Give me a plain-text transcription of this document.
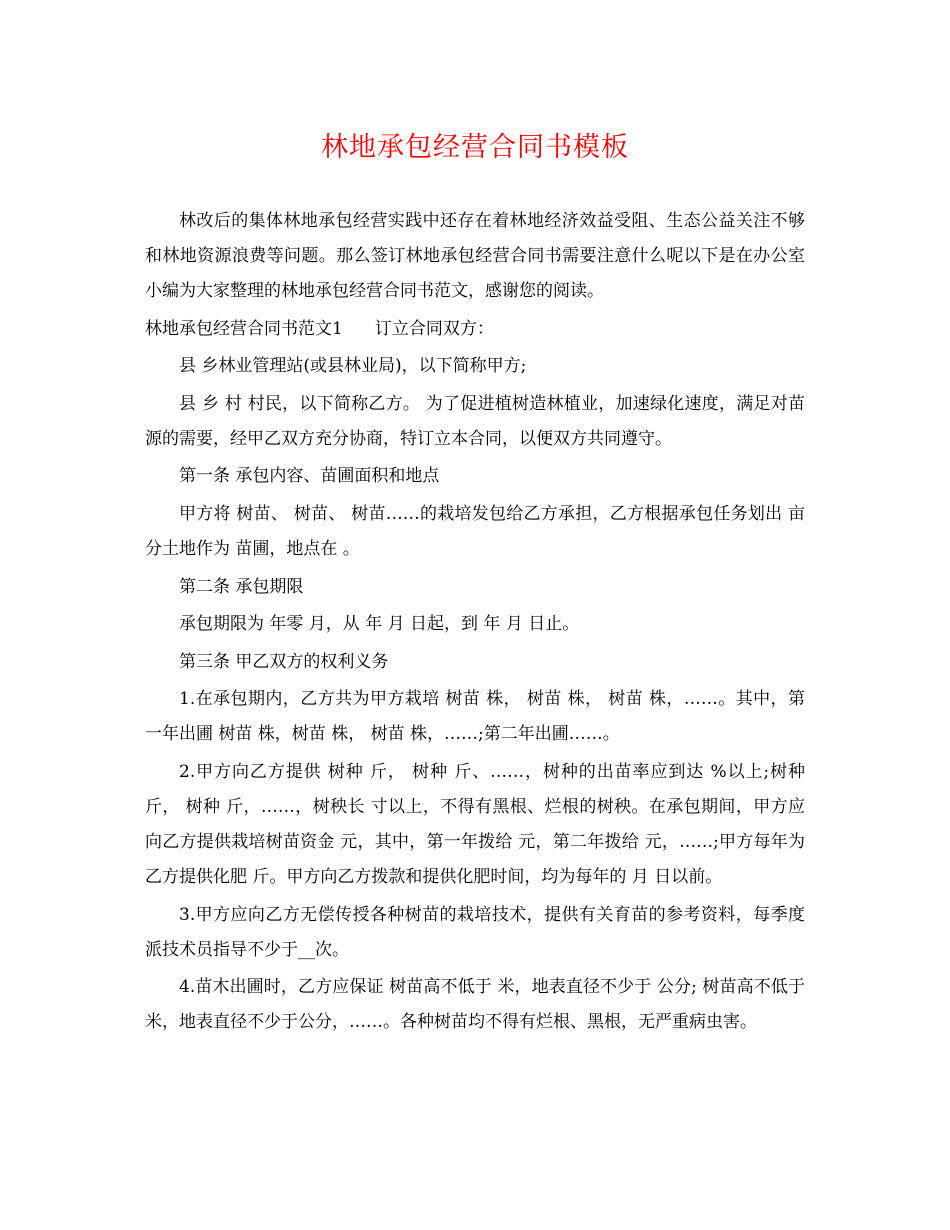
林地承包经营合同书模板

林改后的集体林地承包经营实践中还存在着林地经济效益受阻、生态公益关注不够和林地资源浪费等问题。那么签订林地承包经营合同书需要注意什么呢以下是在办公室小编为大家整理的林地承包经营合同书范文，感谢您的阅读。

林地承包经营合同书范文1 订立合同双方：

县 乡林业管理站(或县林业局)，以下简称甲方;

县 乡 村 村民，以下简称乙方。 为了促进植树造林植业，加速绿化速度，满足对苗源的需要，经甲乙双方充分协商，特订立本合同，以便双方共同遵守。

第一条 承包内容、苗圃面积和地点

甲方将 树苗、 树苗、 树苗……的栽培发包给乙方承担，乙方根据承包任务划出 亩 分土地作为 苗圃，地点在 。

第二条 承包期限

承包期限为 年零 月，从 年 月 日起，到 年 月 日止。

第三条 甲乙双方的权利义务

1.在承包期内，乙方共为甲方栽培 树苗 株， 树苗 株， 树苗 株，……。其中，第一年出圃 树苗 株，树苗 株， 树苗 株，……;第二年出圃……。

2.甲方向乙方提供 树种 斤， 树种 斤、……，树种的出苗率应到达 %以上;树种 斤， 树种 斤，……，树秧长 寸以上，不得有黑根、烂根的树秧。在承包期间，甲方应向乙方提供栽培树苗资金 元，其中，第一年拨给 元，第二年拨给 元，……;甲方每年为乙方提供化肥 斤。甲方向乙方拨款和提供化肥时间，均为每年的 月 日以前。

3.甲方应向乙方无偿传授各种树苗的栽培技术，提供有关育苗的参考资料，每季度派技术员指导不少于__次。

4.苗木出圃时，乙方应保证 树苗高不低于 米，地表直径不少于 公分; 树苗高不低于 米，地表直径不少于公分，……。各种树苗均不得有烂根、黑根，无严重病虫害。
